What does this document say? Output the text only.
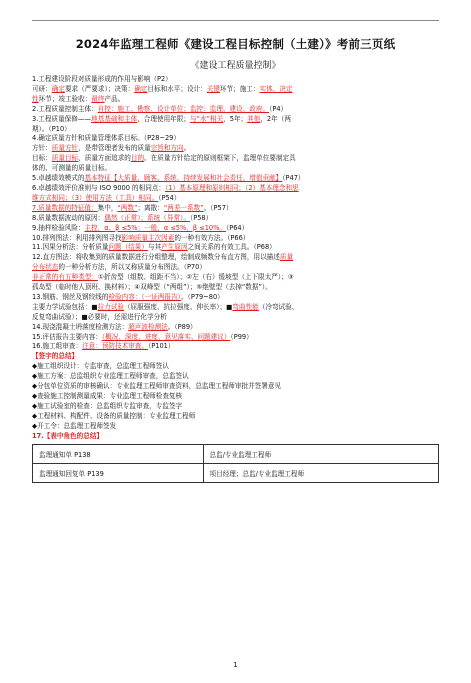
2024年监理工程师《建设工程目标控制（土建）》考前三页纸
《建设工程质量控制》
1.工程建设阶段对质量形成的作用与影响（P2）
可研：确定要求（严要求）；决策：确定目标和水平；设计：关键环节；施工：实体、决定
性环节；竣工验收：最终产品。
2.工程质量控制主体：自控：施工、勘察、设计单位；监控：监理、建设、政府。（P4）
3.工程质量保修——地基基础和主体，合理使用年限；与“水”相关，5年；其他，2年（两
期）。（P10）
4.确定质量方针和质量管理体系目标。（P28~29）
方针：质量方针，是带管理者发布的质量宗旨和方向。
目标：质量目标，质量方面追求的目的。在质量方针给定的原则框架下，监理单位要制定具
体的、可测量的质量目标。
5.卓越绩效模式的基本特征【大质量、顾客、系统、持续发展和社会责任、增值贡献】（P47）
6.卓越绩效评价准则与 ISO 9000 的相同点：（1）基本原理和原则相同；（2）基本理念和思
维方式相同；（3）使用方法（工具）相同。（P54）
7.质量数据的特征值：集中，“两数”；离散：“两差一系数”。（P57）
8.质量数据波动的原因：偶然（正常）；系统（异常）。（P58）
9.抽样检验风险：主控，α、β ≤5%；一般，α ≤5%，β ≤10%。（P64）
10.排列图法：利用排列图寻找影响质量主次因素的一种有效方法。（P66）
11.因果分析法：分析质量问题（结果）与其产生原因之间关系的有效工具。（P68）
12.直方图法：将收集到的质量数据进行分组整理，绘制成频数分布直方图，用以描述质量
分布状态的一种分析方法，所以又称质量分布图法。（P70）
非正常的有五种类型：①折齿型（组数、组距不当）；②左（右）缓坡型（上下限太严）；③
孤岛型（临时他人顶班、换材料）；④双峰型（“两组”）；⑤绝壁型（去掉“数据”）。
13.钢筋、钢丝及钢绞线的检验内容：（一证两报告）。（P79~80）
主要力学试验包括：■拉力试验（屈服强度、抗拉强度、伸长率）；■弯曲性能（冷弯试验、
反复弯曲试验）；■必要时，还需进行化学分析
14.现浇混凝土坍落度检测方法：超声波检测法。（P89）
15.评估报告主要内容：（概况、深度、进度、意见落实、问题建议）（P99）
16.施工组审查：注意：预防技术审查。（P101）
【签字的总结】
◆施工组织设计：专监审查，总监理工程师签认
◆施工方案：总监组织专业监理工程师审查，总监签认
◆分包单位资质的审核确认：专业监理工程师审查资料，总监理工程师审批并签署意见
◆查验施工控制测量成果：专业监理工程师检查复核
◆施工试验室的检查：总监组织专监审查，专监签字
◆工程材料、构配件、设备的质量控制：专业监理工程师
◆开工令：总监理工程师签发
17.【表中角色的总结】
监理通知单 P138	总监/专业监理工程师
监理通知回复单 P139	项目经理；总监/专业监理工程师
1
